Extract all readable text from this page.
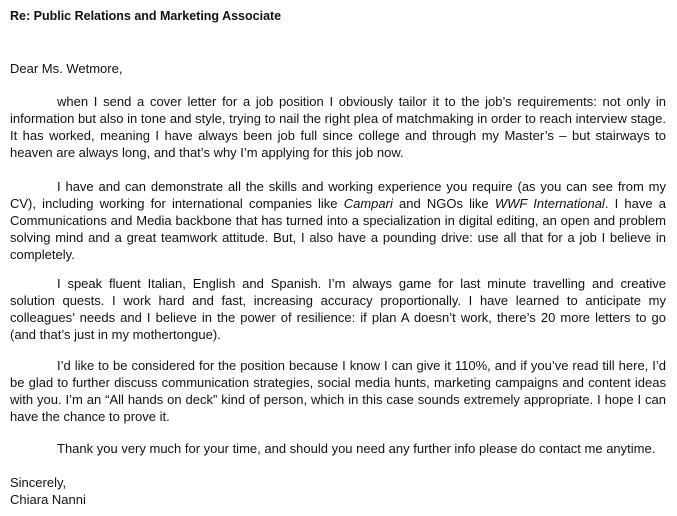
Re: Public Relations and Marketing Associate

Dear Ms. Wetmore,

when I send a cover letter for a job position I obviously tailor it to the job’s requirements: not only in information but also in tone and style, trying to nail the right plea of matchmaking in order to reach interview stage. It has worked, meaning I have always been job full since college and through my Master’s – but stairways to heaven are always long, and that’s why I’m applying for this job now.

I have and can demonstrate all the skills and working experience you require (as you can see from my CV), including working for international companies like Campari and NGOs like WWF International. I have a Communications and Media backbone that has turned into a specialization in digital editing, an open and problem solving mind and a great teamwork attitude. But, I also have a pounding drive: use all that for a job I believe in completely.

I speak fluent Italian, English and Spanish. I’m always game for last minute travelling and creative solution quests. I work hard and fast, increasing accuracy proportionally. I have learned to anticipate my colleagues’ needs and I believe in the power of resilience: if plan A doesn’t work, there’s 20 more letters to go (and that’s just in my mothertongue).

I’d like to be considered for the position because I know I can give it 110%, and if you’ve read till here, I’d be glad to further discuss communication strategies, social media hunts, marketing campaigns and content ideas with you. I’m an “All hands on deck” kind of person, which in this case sounds extremely appropriate. I hope I can have the chance to prove it.

Thank you very much for your time, and should you need any further info please do contact me anytime.

Sincerely,

Chiara Nanni
